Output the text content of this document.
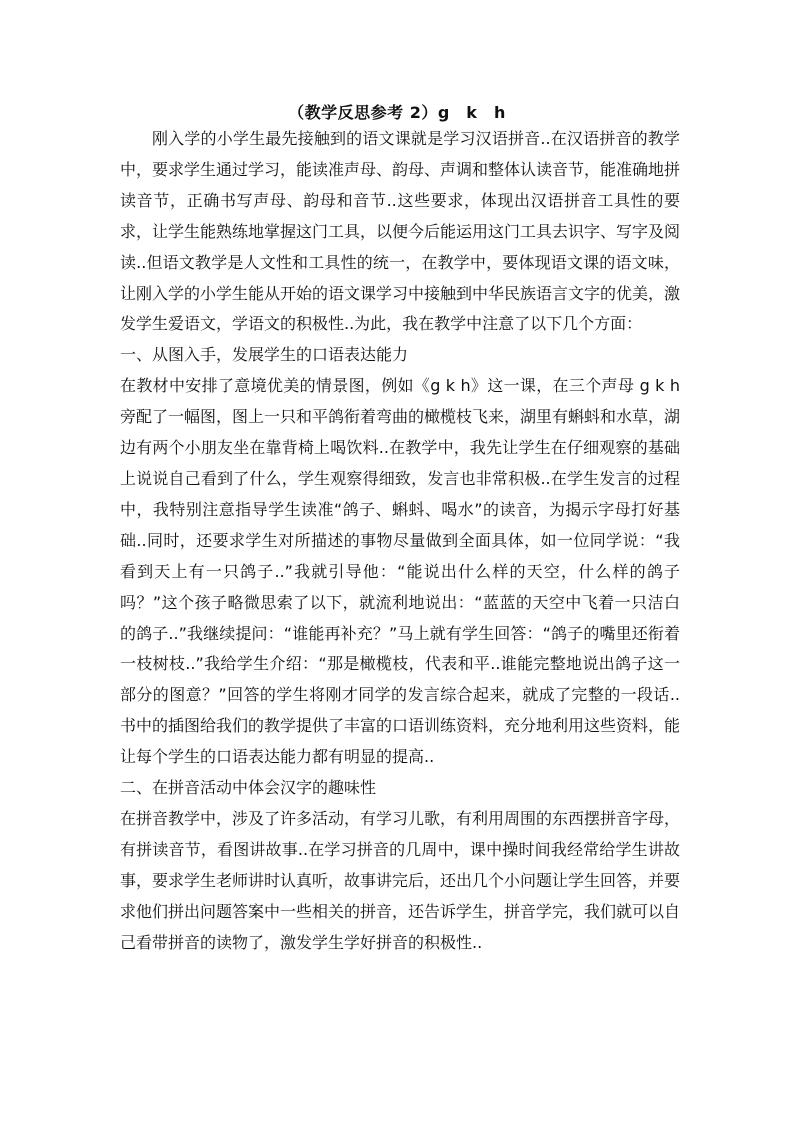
（教学反思参考 2）g　k　h

刚入学的小学生最先接触到的语文课就是学习汉语拼音..在汉语拼音的教学中，要求学生通过学习，能读准声母、韵母、声调和整体认读音节，能准确地拼读音节，正确书写声母、韵母和音节..这些要求，体现出汉语拼音工具性的要求，让学生能熟练地掌握这门工具，以便今后能运用这门工具去识字、写字及阅读..但语文教学是人文性和工具性的统一，在教学中，要体现语文课的语文味，让刚入学的小学生能从开始的语文课学习中接触到中华民族语言文字的优美，激发学生爱语文，学语文的积极性..为此，我在教学中注意了以下几个方面：

一、从图入手，发展学生的口语表达能力

在教材中安排了意境优美的情景图，例如《g k h》这一课，在三个声母 g k h 旁配了一幅图，图上一只和平鸽衔着弯曲的橄榄枝飞来，湖里有蝌蚪和水草，湖边有两个小朋友坐在靠背椅上喝饮料..在教学中，我先让学生在仔细观察的基础上说说自己看到了什么，学生观察得细致，发言也非常积极..在学生发言的过程中，我特别注意指导学生读准“鸽子、蝌蚪、喝水”的读音，为揭示字母打好基础..同时，还要求学生对所描述的事物尽量做到全面具体，如一位同学说：“我看到天上有一只鸽子..”我就引导他：“能说出什么样的天空，什么样的鸽子吗？”这个孩子略微思索了以下，就流利地说出：“蓝蓝的天空中飞着一只洁白的鸽子..”我继续提问：“谁能再补充？”马上就有学生回答：“鸽子的嘴里还衔着一枝树枝..”我给学生介绍：“那是橄榄枝，代表和平..谁能完整地说出鸽子这一部分的图意？”回答的学生将刚才同学的发言综合起来，就成了完整的一段话..书中的插图给我们的教学提供了丰富的口语训练资料，充分地利用这些资料，能让每个学生的口语表达能力都有明显的提高..

二、在拼音活动中体会汉字的趣味性

在拼音教学中，涉及了许多活动，有学习儿歌，有利用周围的东西摆拼音字母，有拼读音节，看图讲故事..在学习拼音的几周中，课中操时间我经常给学生讲故事，要求学生老师讲时认真听，故事讲完后，还出几个小问题让学生回答，并要求他们拼出问题答案中一些相关的拼音，还告诉学生，拼音学完，我们就可以自己看带拼音的读物了，激发学生学好拼音的积极性..
